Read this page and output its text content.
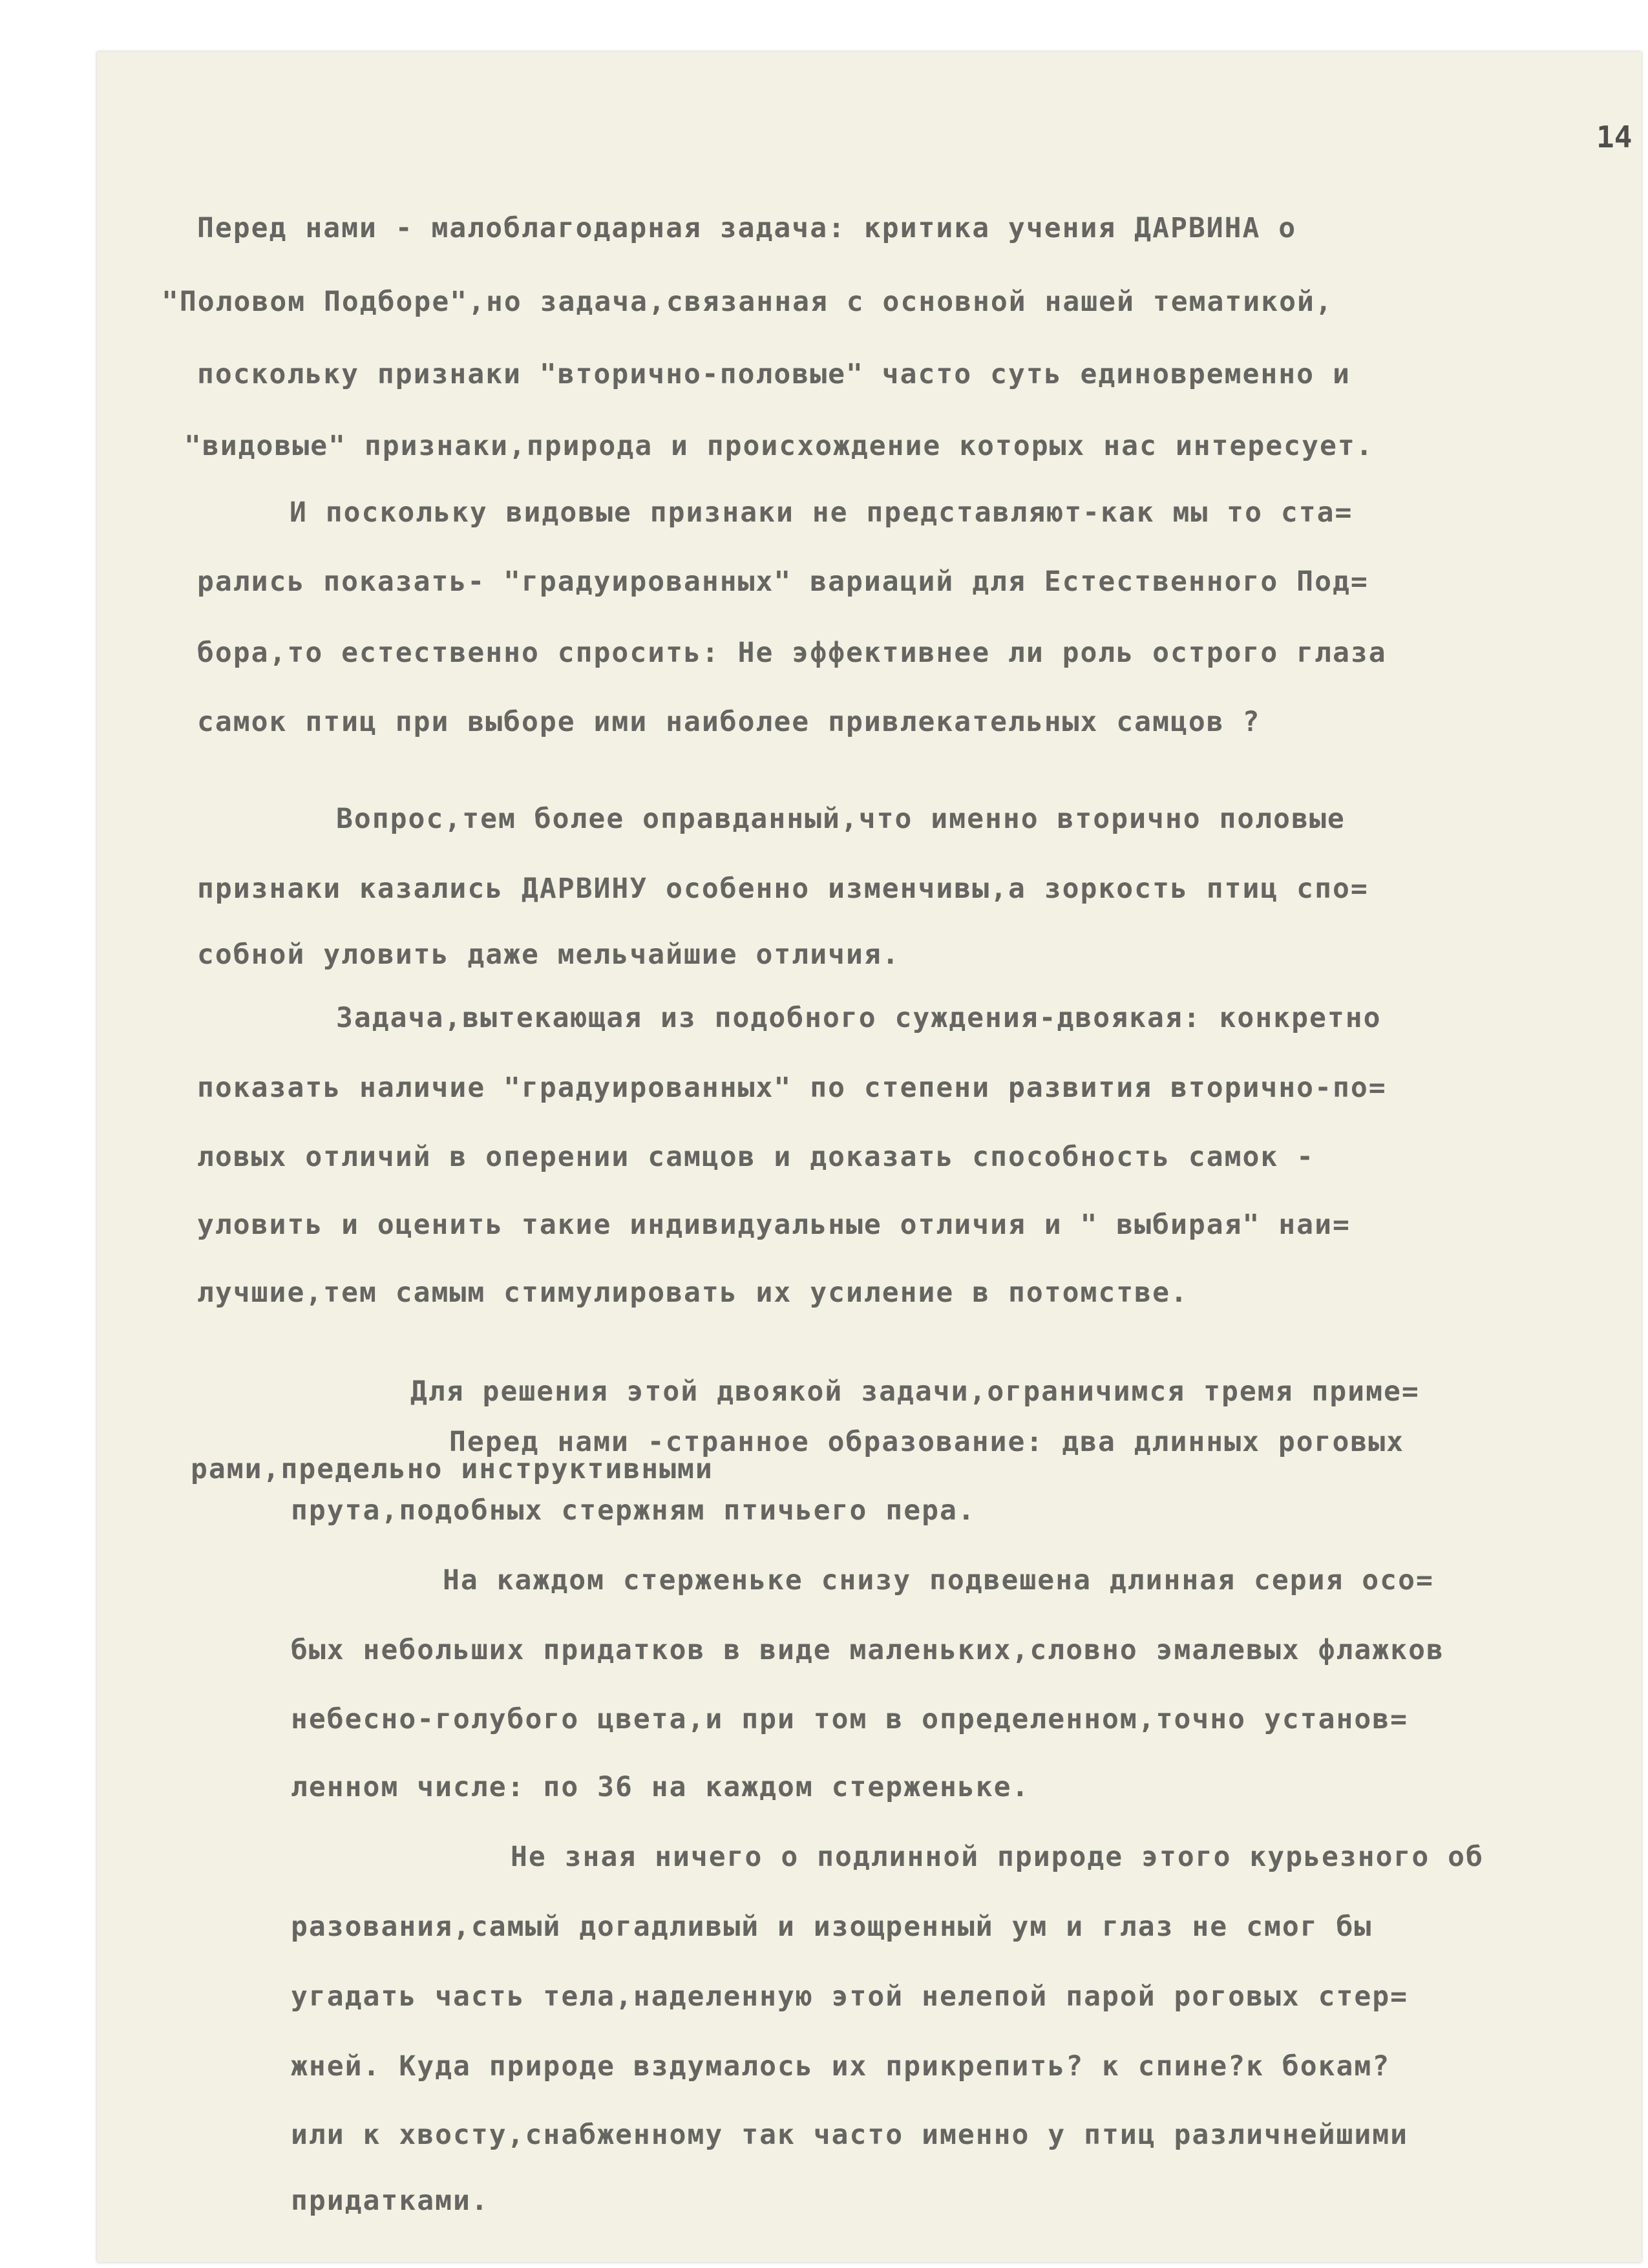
14
Перед нами - малоблагодарная задача: критика учения ДАРВИНА о
"Половом Подборе",но задача,связанная с основной нашей тематикой,
поскольку признаки "вторично-половые" часто суть единовременно и
"видовые" признаки,природа и происхождение которых нас интересует.
И поскольку видовые признаки не представляют-как мы то ста=
рались показать- "градуированных" вариаций для Естественного Под=
бора,то естественно спросить: Не эффективнее ли роль острого глаза
самок птиц при выборе ими наиболее привлекательных самцов ?
Вопрос,тем более оправданный,что именно вторично половые
признаки казались ДАРВИНУ особенно изменчивы,а зоркость птиц спо=
собной уловить даже мельчайшие отличия.
Задача,вытекающая из подобного суждения-двоякая: конкретно
показать наличие "градуированных" по степени развития вторично-по=
ловых отличий в оперении самцов и доказать способность самок -
уловить и оценить такие индивидуальные отличия и " выбирая" наи=
лучшие,тем самым стимулировать их усиление в потомстве.
Для решения этой двоякой задачи,ограничимся тремя приме=
Перед нами -странное образование: два длинных роговых
рами,предельно инструктивными
прута,подобных стержням птичьего пера.
На каждом стерженьке снизу подвешена длинная серия осо=
бых небольших придатков в виде маленьких,словно эмалевых флажков
небесно-голубого цвета,и при том в определенном,точно установ=
ленном числе: по 36 на каждом стерженьке.
Не зная ничего о подлинной природе этого курьезного об
разования,самый догадливый и изощренный ум и глаз не смог бы
угадать часть тела,наделенную этой нелепой парой роговых стер=
жней. Куда природе вздумалось их прикрепить? к спине?к бокам?
или к хвосту,снабженному так часто именно у птиц различнейшими
придатками.
